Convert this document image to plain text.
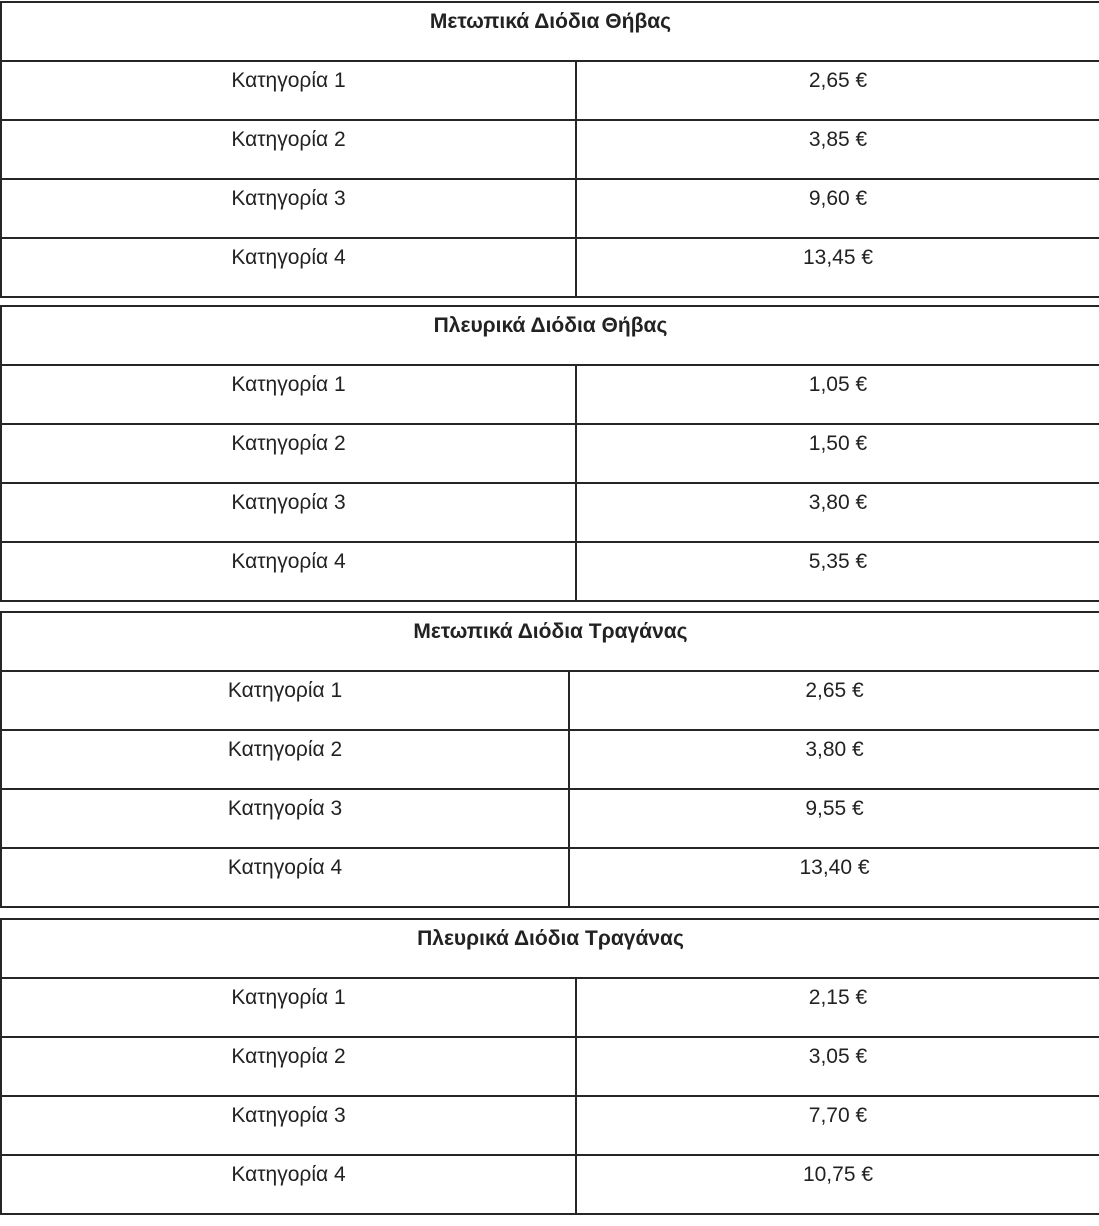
Μετωπικά Διόδια Θήβας	

Κατηγορία 1	2,65 €

Κατηγορία 2	3,85 €

Κατηγορία 3	9,60 €

Κατηγορία 4	13,45 €
Πλευρικά Διόδια Θήβας	

Κατηγορία 1	1,05 €

Κατηγορία 2	1,50 €

Κατηγορία 3	3,80 €

Κατηγορία 4	5,35 €
Μετωπικά Διόδια Τραγάνας	

Κατηγορία 1	2,65 €

Κατηγορία 2	3,80 €

Κατηγορία 3	9,55 €

Κατηγορία 4	13,40 €
Πλευρικά Διόδια Τραγάνας	

Κατηγορία 1	2,15 €

Κατηγορία 2	3,05 €

Κατηγορία 3	7,70 €

Κατηγορία 4	10,75 €
